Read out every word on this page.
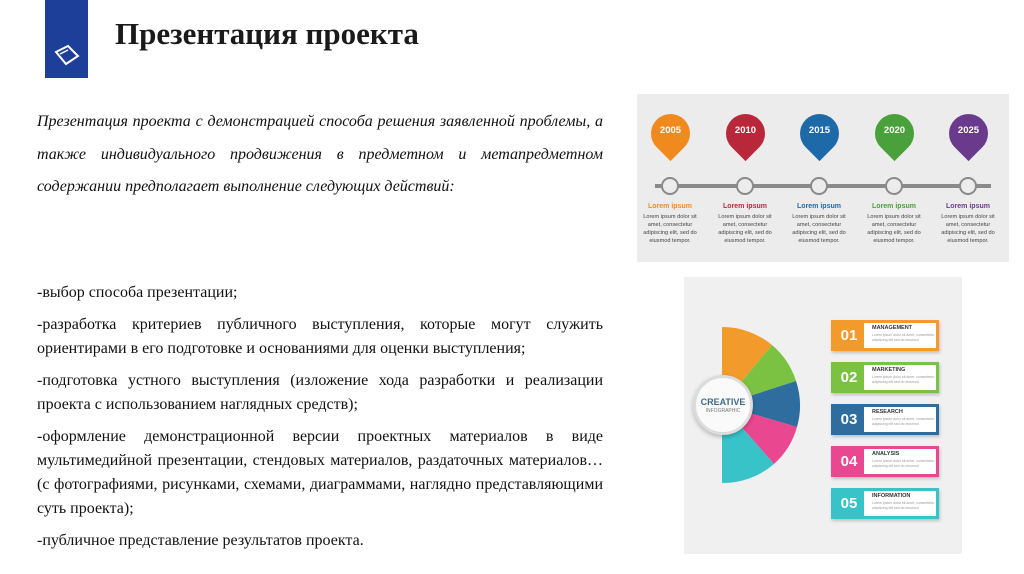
Презентация проекта

Презентация проекта с демонстрацией способа решения заявленной проблемы, а также индивидуального продвижения в предметном и метапредметном содержании предполагает выполнение следующих действий:

-выбор способа презентации;

-разработка критериев публичного выступления, которые могут служить ориентирами в его подготовке и основаниями для оценки выступления;

-подготовка устного выступления (изложение хода разработки и реализации проекта с использованием наглядных средств);

-оформление демонстрационной версии проектных материалов в виде мультимедийной презентации, стендовых материалов, раздаточных материалов…(с фотографиями, рисунками, схемами, диаграммами, наглядно представляющими суть проекта);

-публичное представление результатов проекта.

2005
Lorem ipsum
Lorem ipsum dolor sit amet, consectetur adipiscing elit, sed do eiusmod tempor.
2010
Lorem ipsum
Lorem ipsum dolor sit amet, consectetur adipiscing elit, sed do eiusmod tempor.
2015
Lorem ipsum
Lorem ipsum dolor sit amet, consectetur adipiscing elit, sed do eiusmod tempor.
2020
Lorem ipsum
Lorem ipsum dolor sit amet, consectetur adipiscing elit, sed do eiusmod tempor.
2025
Lorem ipsum
Lorem ipsum dolor sit amet, consectetur adipiscing elit, sed do eiusmod tempor.
CREATIVE
INFOGRAPHIC
01	MANAGEMENT
Lorem ipsum dolor sit amet, consectetur adipiscing elit sed do eiusmod
02	MARKETING
Lorem ipsum dolor sit amet, consectetur adipiscing elit sed do eiusmod
03	RESEARCH
Lorem ipsum dolor sit amet, consectetur adipiscing elit sed do eiusmod
04	ANALYSIS
Lorem ipsum dolor sit amet, consectetur adipiscing elit sed do eiusmod
05	INFORMATION
Lorem ipsum dolor sit amet, consectetur adipiscing elit sed do eiusmod
